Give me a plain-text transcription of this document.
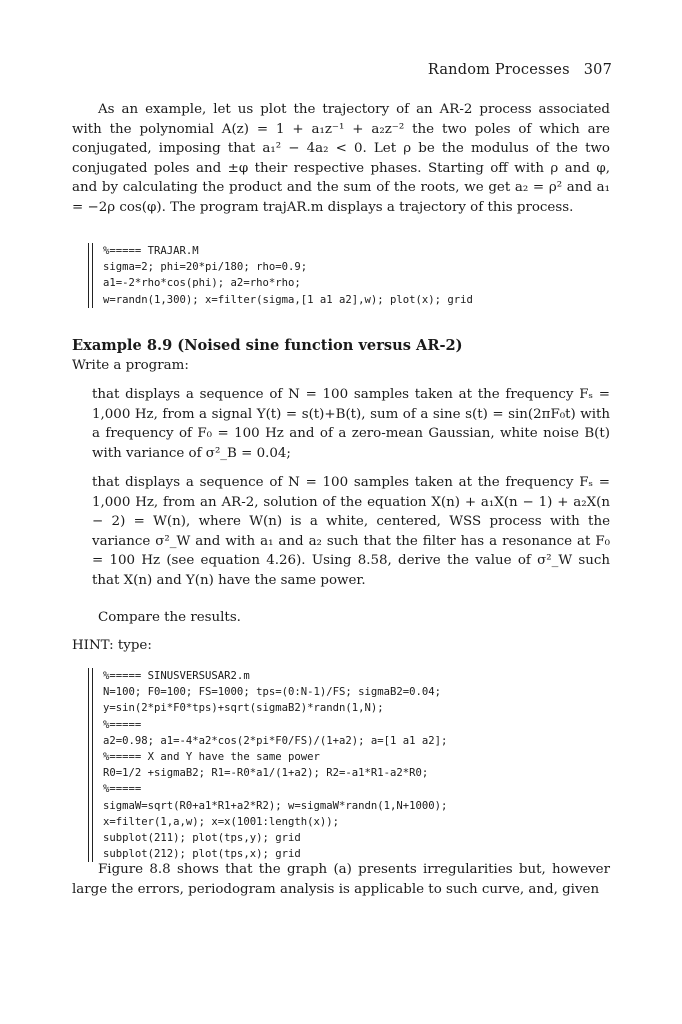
Random Processes 307

As an example, let us plot the trajectory of an AR-2 process associated with the polynomial A(z) = 1 + a₁z⁻¹ + a₂z⁻² the two poles of which are conjugated, imposing that a₁² − 4a₂ < 0. Let ρ be the modulus of the two conjugated poles and ±φ their respective phases. Starting off with ρ and φ, and by calculating the product and the sum of the roots, we get a₂ = ρ² and a₁ = −2ρ cos(φ). The program trajAR.m displays a trajectory of this process.

%===== TRAJAR.M
sigma=2; phi=20*pi/180; rho=0.9;
a1=-2*rho*cos(phi); a2=rho*rho;
w=randn(1,300); x=filter(sigma,[1 a1 a2],w); plot(x); grid
Example 8.9 (Noised sine function versus AR-2)
Write a program:

that displays a sequence of N = 100 samples taken at the frequency Fₛ = 1,000 Hz, from a signal Y(t) = s(t)+B(t), sum of a sine s(t) = sin(2πF₀t) with a frequency of F₀ = 100 Hz and of a zero-mean Gaussian, white noise B(t) with variance of σ²_B = 0.04;

that displays a sequence of N = 100 samples taken at the frequency Fₛ = 1,000 Hz, from an AR-2, solution of the equation X(n) + a₁X(n − 1) + a₂X(n − 2) = W(n), where W(n) is a white, centered, WSS process with the variance σ²_W and with a₁ and a₂ such that the filter has a resonance at F₀ = 100 Hz (see equation 4.26). Using 8.58, derive the value of σ²_W such that X(n) and Y(n) have the same power.

Compare the results.
HINT: type:
%===== SINUSVERSUSAR2.m
N=100; F0=100; FS=1000; tps=(0:N-1)/FS; sigmaB2=0.04;
y=sin(2*pi*F0*tps)+sqrt(sigmaB2)*randn(1,N);
%=====
a2=0.98; a1=-4*a2*cos(2*pi*F0/FS)/(1+a2); a=[1 a1 a2];
%===== X and Y have the same power
R0=1/2 +sigmaB2; R1=-R0*a1/(1+a2); R2=-a1*R1-a2*R0;
%=====
sigmaW=sqrt(R0+a1*R1+a2*R2); w=sigmaW*randn(1,N+1000);
x=filter(1,a,w); x=x(1001:length(x));
subplot(211); plot(tps,y); grid
subplot(212); plot(tps,x); grid

Figure 8.8 shows that the graph (a) presents irregularities but, however large the errors, periodogram analysis is applicable to such curve, and, given
